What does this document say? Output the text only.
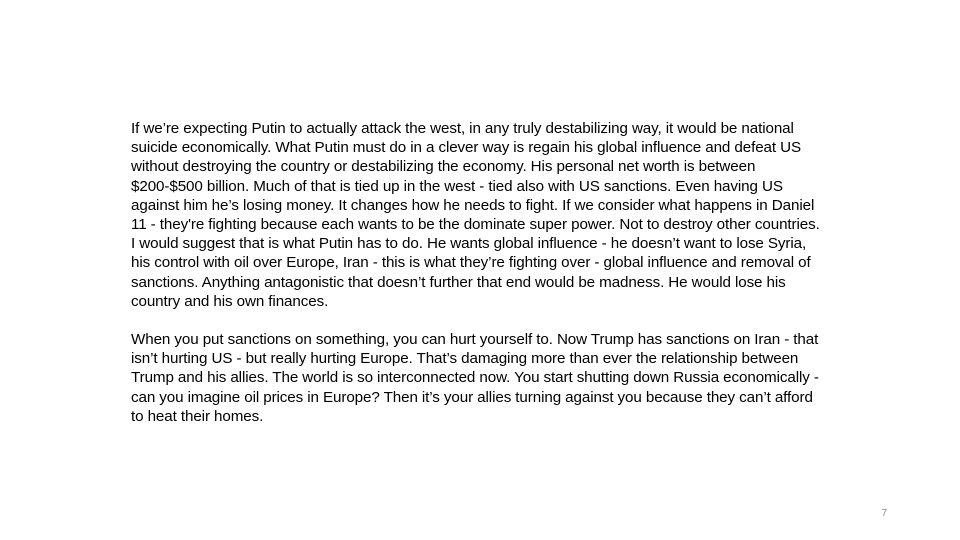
If we’re expecting Putin to actually attack the west, in any truly destabilizing way, it would be national suicide economically. What Putin must do in a clever way is regain his global influence and defeat US without destroying the country or destabilizing the economy. His personal net worth is between $200-$500 billion. Much of that is tied up in the west - tied also with US sanctions. Even having US against him he’s losing money. It changes how he needs to fight. If we consider what happens in Daniel 11 - they're fighting because each wants to be the dominate super power. Not to destroy other countries. I would suggest that is what Putin has to do. He wants global influence - he doesn’t want to lose Syria, his control with oil over Europe, Iran - this is what they’re fighting over - global influence and removal of sanctions. Anything antagonistic that doesn’t further that end would be madness. He would lose his country and his own finances.

When you put sanctions on something, you can hurt yourself to. Now Trump has sanctions on Iran - that isn’t hurting US - but really hurting Europe. That’s damaging more than ever the relationship between Trump and his allies. The world is so interconnected now. You start shutting down Russia economically - can you imagine oil prices in Europe? Then it’s your allies turning against you because they can’t afford to heat their homes.

7
